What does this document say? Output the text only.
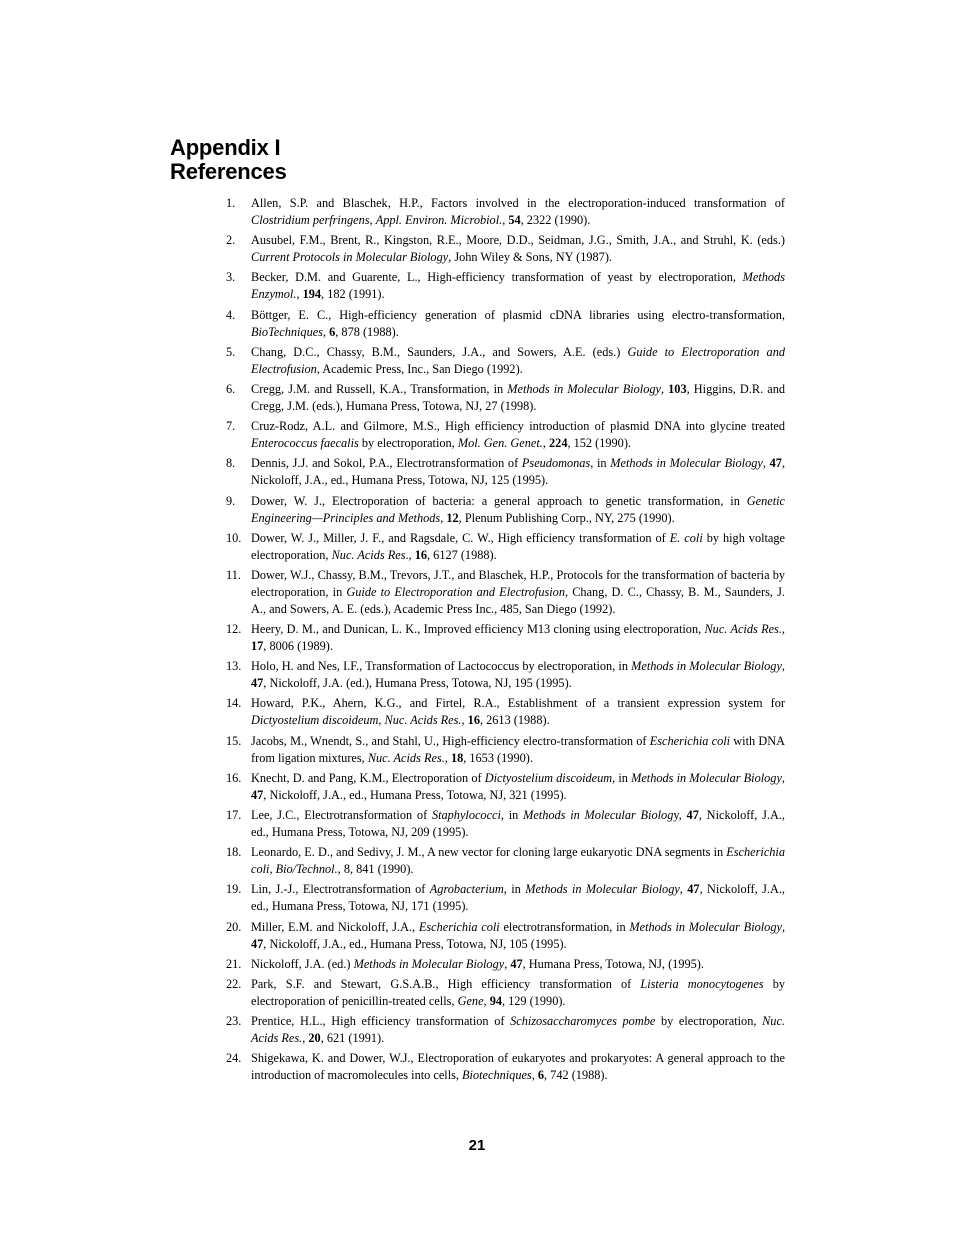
Appendix I
References
1.	Allen, S.P. and Blaschek, H.P., Factors involved in the electroporation-induced transformation of Clostridium perfringens, Appl. Environ. Microbiol., 54, 2322 (1990).
2.	Ausubel, F.M., Brent, R., Kingston, R.E., Moore, D.D., Seidman, J.G., Smith, J.A., and Struhl, K. (eds.) Current Protocols in Molecular Biology, John Wiley & Sons, NY (1987).
3.	Becker, D.M. and Guarente, L., High-efficiency transformation of yeast by electroporation, Methods Enzymol., 194, 182 (1991).
4.	Böttger, E. C., High-efficiency generation of plasmid cDNA libraries using electro-transformation, BioTechniques, 6, 878 (1988).
5.	Chang, D.C., Chassy, B.M., Saunders, J.A., and Sowers, A.E. (eds.) Guide to Electroporation and Electrofusion, Academic Press, Inc., San Diego (1992).
6.	Cregg, J.M. and Russell, K.A., Transformation, in Methods in Molecular Biology, 103, Higgins, D.R. and Cregg, J.M. (eds.), Humana Press, Totowa, NJ, 27 (1998).
7.	Cruz-Rodz, A.L. and Gilmore, M.S., High efficiency introduction of plasmid DNA into glycine treated Enterococcus faecalis by electroporation, Mol. Gen. Genet., 224, 152 (1990).
8.	Dennis, J.J. and Sokol, P.A., Electrotransformation of Pseudomonas, in Methods in Molecular Biology, 47, Nickoloff, J.A., ed., Humana Press, Totowa, NJ, 125 (1995).
9.	Dower, W. J., Electroporation of bacteria: a general approach to genetic transformation, in Genetic Engineering—Principles and Methods, 12, Plenum Publishing Corp., NY, 275 (1990).
10. Dower, W. J., Miller, J. F., and Ragsdale, C. W., High efficiency transformation of E. coli by high voltage electroporation, Nuc. Acids Res., 16, 6127 (1988).
11. Dower, W.J., Chassy, B.M., Trevors, J.T., and Blaschek, H.P., Protocols for the transformation of bacteria by electroporation, in Guide to Electroporation and Electrofusion, Chang, D. C., Chassy, B. M., Saunders, J. A., and Sowers, A. E. (eds.), Academic Press Inc., 485, San Diego (1992).
12. Heery, D. M., and Dunican, L. K., Improved efficiency M13 cloning using electroporation, Nuc. Acids Res., 17, 8006 (1989).
13. Holo, H. and Nes, I.F., Transformation of Lactococcus by electroporation, in Methods in Molecular Biology, 47, Nickoloff, J.A. (ed.), Humana Press, Totowa, NJ, 195 (1995).
14. Howard, P.K., Ahern, K.G., and Firtel, R.A., Establishment of a transient expression system for Dictyostelium discoideum, Nuc. Acids Res., 16, 2613 (1988).
15. Jacobs, M., Wnendt, S., and Stahl, U., High-efficiency electro-transformation of Escherichia coli with DNA from ligation mixtures, Nuc. Acids Res., 18, 1653 (1990).
16. Knecht, D. and Pang, K.M., Electroporation of Dictyostelium discoideum, in Methods in Molecular Biology, 47, Nickoloff, J.A., ed., Humana Press, Totowa, NJ, 321 (1995).
17. Lee, J.C., Electrotransformation of Staphylococci, in Methods in Molecular Biology, 47, Nickoloff, J.A., ed., Humana Press, Totowa, NJ, 209 (1995).
18. Leonardo, E. D., and Sedivy, J. M., A new vector for cloning large eukaryotic DNA segments in Escherichia coli, Bio/Technol., 8, 841 (1990).
19. Lin, J.-J., Electrotransformation of Agrobacterium, in Methods in Molecular Biology, 47, Nickoloff, J.A., ed., Humana Press, Totowa, NJ, 171 (1995).
20. Miller, E.M. and Nickoloff, J.A., Escherichia coli electrotransformation, in Methods in Molecular Biology, 47, Nickoloff, J.A., ed., Humana Press, Totowa, NJ, 105 (1995).
21. Nickoloff, J.A. (ed.) Methods in Molecular Biology, 47, Humana Press, Totowa, NJ, (1995).
22. Park, S.F. and Stewart, G.S.A.B., High efficiency transformation of Listeria monocytogenes by electroporation of penicillin-treated cells, Gene, 94, 129 (1990).
23. Prentice, H.L., High efficiency transformation of Schizosaccharomyces pombe by electroporation, Nuc. Acids Res., 20, 621 (1991).
24. Shigekawa, K. and Dower, W.J., Electroporation of eukaryotes and prokaryotes: A general approach to the introduction of macromolecules into cells, Biotechniques, 6, 742 (1988).
21
